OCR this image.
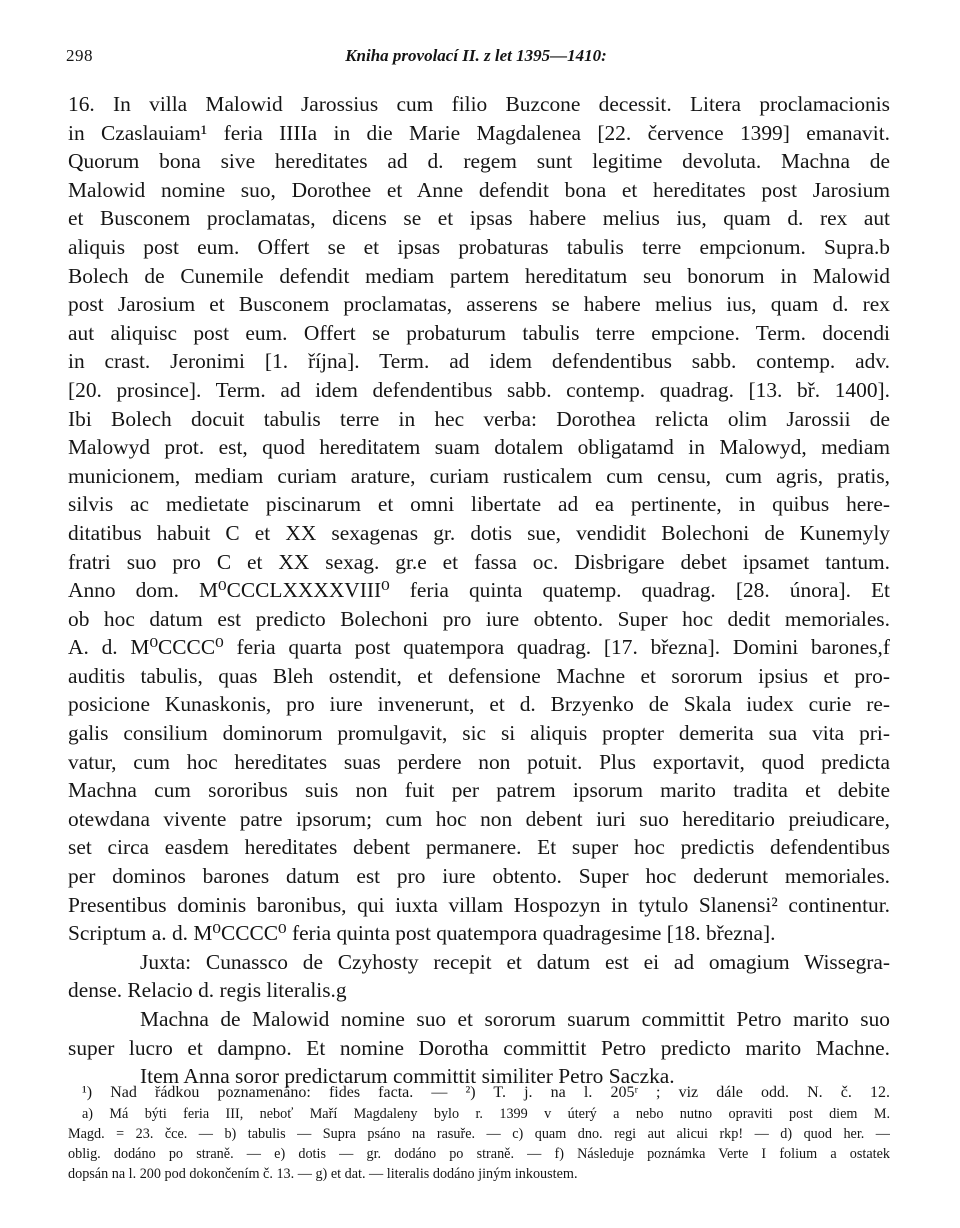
298	Kniha provolací II. z let 1395—1410:
16. In villa Malowid Jarossius cum filio Buzcone decessit. Litera proclamacionis
in Czaslauiam¹ feria IIIIa in die Marie Magdalenea [22. července 1399] emanavit.
Quorum bona sive hereditates ad d. regem sunt legitime devoluta. Machna de
Malowid nomine suo, Dorothee et Anne defendit bona et hereditates post Jarosium
et Busconem proclamatas, dicens se et ipsas habere melius ius, quam d. rex aut
aliquis post eum. Offert se et ipsas probaturas tabulis terre empcionum. Supra.b
Bolech de Cunemile defendit mediam partem hereditatum seu bonorum in Malowid
post Jarosium et Busconem proclamatas, asserens se habere melius ius, quam d. rex
aut aliquisc post eum. Offert se probaturum tabulis terre empcione. Term. docendi
in crast. Jeronimi [1. října]. Term. ad idem defendentibus sabb. contemp. adv.
[20. prosince]. Term. ad idem defendentibus sabb. contemp. quadrag. [13. bř. 1400].
Ibi Bolech docuit tabulis terre in hec verba: Dorothea relicta olim Jarossii de
Malowyd prot. est, quod hereditatem suam dotalem obligatamd in Malowyd, mediam
municionem, mediam curiam arature, curiam rusticalem cum censu, cum agris, pratis,
silvis ac medietate piscinarum et omni libertate ad ea pertinente, in quibus here-
ditatibus habuit C et XX sexagenas gr. dotis sue, vendidit Bolechoni de Kunemyly
fratri suo pro C et XX sexag. gr.e et fassa oc. Disbrigare debet ipsamet tantum.
Anno dom. M⁰CCCLXXXXVIII⁰ feria quinta quatemp. quadrag. [28. února]. Et
ob hoc datum est predicto Bolechoni pro iure obtento. Super hoc dedit memoriales.
A. d. M⁰CCCC⁰ feria quarta post quatempora quadrag. [17. března]. Domini barones,f
auditis tabulis, quas Bleh ostendit, et defensione Machne et sororum ipsius et pro-
posicione Kunaskonis, pro iure invenerunt, et d. Brzyenko de Skala iudex curie re-
galis consilium dominorum promulgavit, sic si aliquis propter demerita sua vita pri-
vatur, cum hoc hereditates suas perdere non potuit. Plus exportavit, quod predicta
Machna cum sororibus suis non fuit per patrem ipsorum marito tradita et debite
otewdana vivente patre ipsorum; cum hoc non debent iuri suo hereditario preiudicare,
set circa easdem hereditates debent permanere. Et super hoc predictis defendentibus
per dominos barones datum est pro iure obtento. Super hoc dederunt memoriales.
Presentibus dominis baronibus, qui iuxta villam Hospozyn in tytulo Slanensi² continentur.
Scriptum a. d. M⁰CCCC⁰ feria quinta post quatempora quadragesime [18. března].
Juxta: Cunassco de Czyhosty recepit et datum est ei ad omagium Wissegra-
dense. Relacio d. regis literalis.g
Machna de Malowid nomine suo et sororum suarum committit Petro marito suo
super lucro et dampno. Et nomine Dorotha committit Petro predicto marito Machne.
Item Anna soror predictarum committit similiter Petro Saczka.
¹) Nad řádkou poznamenáno: fides facta. — ²) T. j. na l. 205ʳ ; viz dále odd. N. č. 12.
a) Má býti feria III, neboť Maří Magdaleny bylo r. 1399 v úterý a nebo nutno opraviti post diem M.
Magd. = 23. čce. — b) tabulis — Supra psáno na rasuře. — c) quam dno. regi aut alicui rkp! — d) quod her. —
oblig. dodáno po straně. — e) dotis — gr. dodáno po straně. — f) Následuje poznámka Verte I folium a ostatek
dopsán na l. 200 pod dokončením č. 13. — g) et dat. — literalis dodáno jiným inkoustem.
